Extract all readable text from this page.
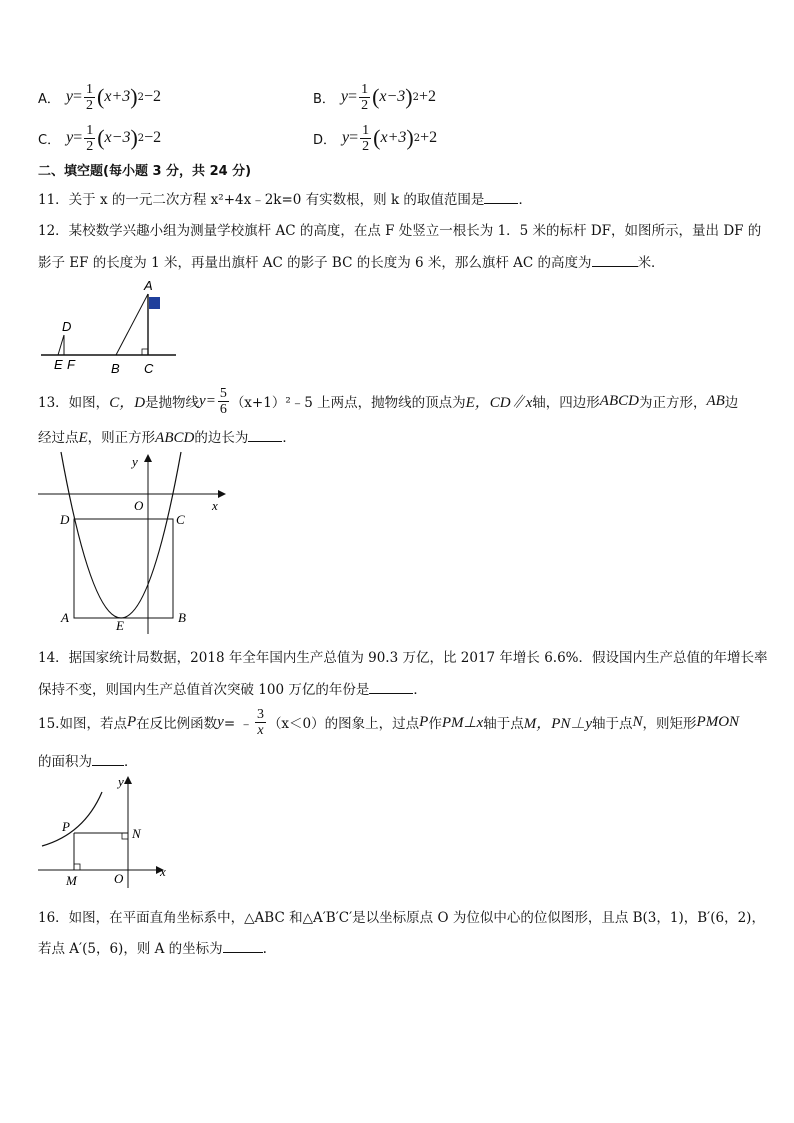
A． $y = \frac{1}{2}$ ( x+3 ) 2 −2	B． $y = \frac{1}{2}$ ( x−3 ) 2 +2
C． $y = \frac{1}{2}$ ( x−3 ) 2 −2	D． $y = \frac{1}{2}$ ( x+3 ) 2 +2
二、填空题(每小题 3 分，共 24 分)
11．关于 x 的一元二次方程 x²+4x﹣2k=0 有实数根，则 k 的取值范围是	．
12．某校数学兴趣小组为测量学校旗杆 AC 的高度，在点 F 处竖立一根长为 1．5 米的标杆 DF，如图所示，量出 DF 的
影子 EF 的长度为 1 米，再量出旗杆 AC 的影子 BC 的长度为 6 米，那么旗杆 AC 的高度为	米．
A
D
E F	B C
13．如图， C，D 是抛物线 $y= \frac{5}{6}$ （x+1）²﹣5 上两点，抛物线的顶点为 E，CD∥x 轴，四边形 ABCD 为正方形， AB 边
经过点E，则正方形ABCD的边长为	．
y
x
O
D	C
A	B
E
14．据国家统计局数据，2018 年全年国内生产总值为 90.3 万亿，比 2017 年增长 6.6%．假设国内生产总值的年增长率
保持不变，则国内生产总值首次突破 100 万亿的年份是	．
15.如图，若点 P 在反比例函数 y = ﹣ $\frac{3}{x} (x<0)$ 的图象上，过点 P 作 PM⊥x 轴于点 M，PN⊥y 轴于点 N ，则矩形 PMON
的面积为 ．
y
x
P	N
M	O
16．如图，在平面直角坐标系中，△ABC 和△A′B′C′是以坐标原点 O 为位似中心的位似图形，且点 B(3，1)，B′(6，2)，
若点 A′(5，6)，则 A 的坐标为	.
